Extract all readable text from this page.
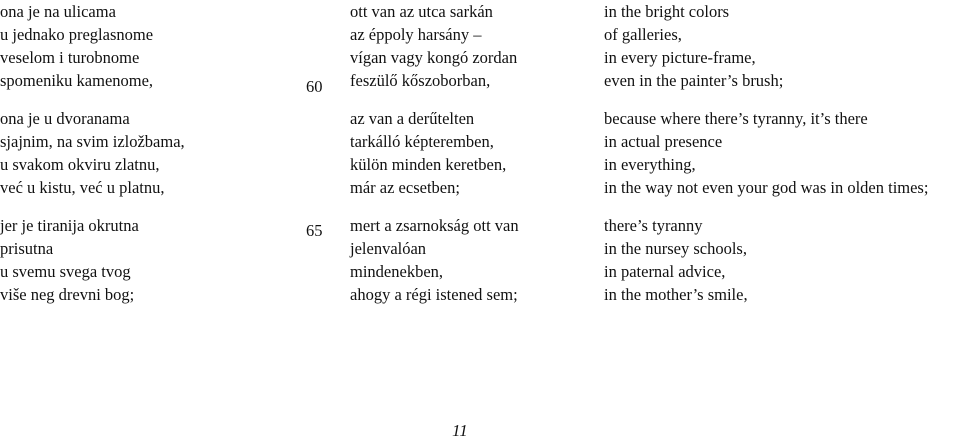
ona je na ulicama
u jednako preglasnome
veselom i turobnome
spomeniku kamenome,
ona je u dvoranama
sjajnim, na svim izložbama,
u svakom okviru zlatnu,
već u kistu, već u platnu,
jer je tiranija okrutna
prisutna
u svemu svega tvog
više neg drevni bog;
60
65
ott van az utca sarkán
az éppoly harsány –
vígan vagy kongó zordan
feszülő kőszoborban,
az van a derűtelten
tarkálló képteremben,
külön minden keretben,
már az ecsetben;
mert a zsarnokság ott van
jelenvalóan
mindenekben,
ahogy a régi istened sem;
in the bright colors
of galleries,
in every picture-frame,
even in the painter’s brush;
because where there’s tyranny, it’s there
in actual presence
in everything,
in the way not even your god was in olden times;
there’s tyranny
in the nursey schools,
in paternal advice,
in the mother’s smile,
11
